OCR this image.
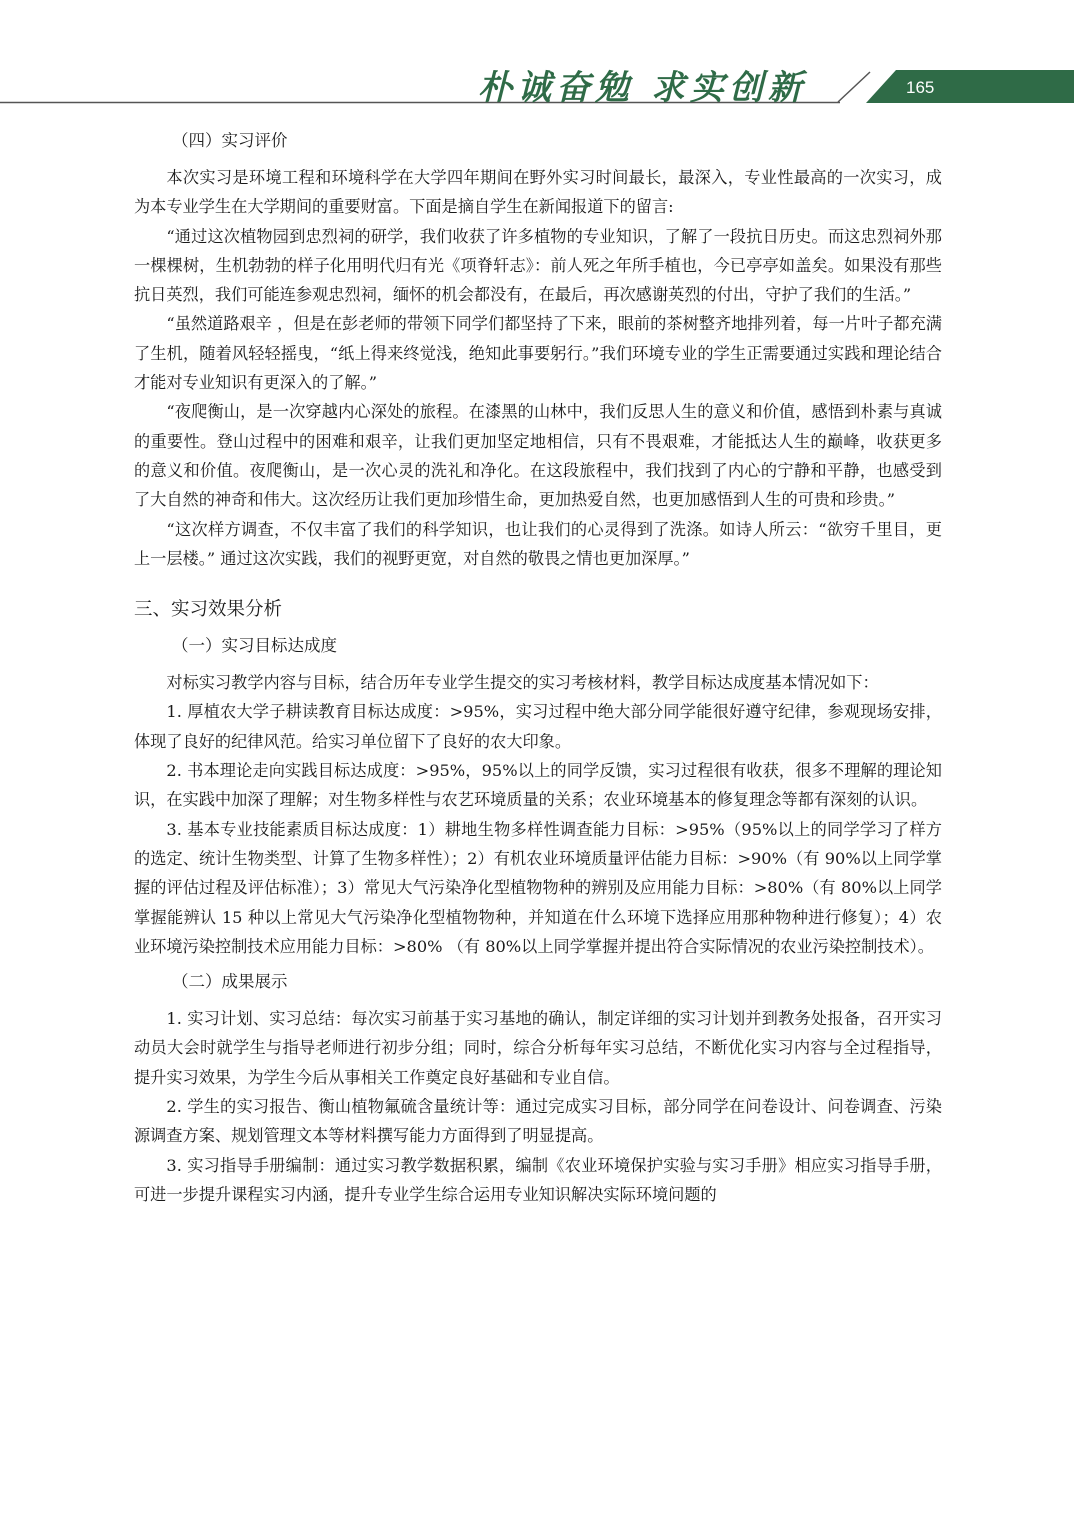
朴诚奋勉 求实创新	165
（四）实习评价

本次实习是环境工程和环境科学在大学四年期间在野外实习时间最长，最深入，专业性最高的一次实习，成为本专业学生在大学期间的重要财富。下面是摘自学生在新闻报道下的留言:

“通过这次植物园到忠烈祠的研学，我们收获了许多植物的专业知识，了解了一段抗日历史。而这忠烈祠外那一棵棵树，生机勃勃的样子化用明代归有光《项脊轩志》：前人死之年所手植也，今已亭亭如盖矣。如果没有那些抗日英烈，我们可能连参观忠烈祠，缅怀的机会都没有，在最后，再次感谢英烈的付出，守护了我们的生活。”

“虽然道路艰辛 ，但是在彭老师的带领下同学们都坚持了下来，眼前的茶树整齐地排列着，每一片叶子都充满了生机，随着风轻轻摇曳，“纸上得来终觉浅，绝知此事要躬行。”我们环境专业的学生正需要通过实践和理论结合才能对专业知识有更深入的了解。”

“夜爬衡山，是一次穿越内心深处的旅程。在漆黑的山林中，我们反思人生的意义和价值，感悟到朴素与真诚的重要性。登山过程中的困难和艰辛，让我们更加坚定地相信，只有不畏艰难，才能抵达人生的巅峰，收获更多的意义和价值。夜爬衡山，是一次心灵的洗礼和净化。在这段旅程中，我们找到了内心的宁静和平静，也感受到了大自然的神奇和伟大。这次经历让我们更加珍惜生命，更加热爱自然，也更加感悟到人生的可贵和珍贵。”

“这次样方调查，不仅丰富了我们的科学知识，也让我们的心灵得到了洗涤。如诗人所云：“欲穷千里目，更上一层楼。” 通过这次实践，我们的视野更宽，对自然的敬畏之情也更加深厚。”

三、实习效果分析
（一）实习目标达成度

对标实习教学内容与目标，结合历年专业学生提交的实习考核材料，教学目标达成度基本情况如下：

1. 厚植农大学子耕读教育目标达成度：>95%，实习过程中绝大部分同学能很好遵守纪律，参观现场安排，体现了良好的纪律风范。给实习单位留下了良好的农大印象。

2. 书本理论走向实践目标达成度：>95%，95%以上的同学反馈，实习过程很有收获，很多不理解的理论知识，在实践中加深了理解；对生物多样性与农艺环境质量的关系；农业环境基本的修复理念等都有深刻的认识。

3. 基本专业技能素质目标达成度：1）耕地生物多样性调查能力目标：>95%（95%以上的同学学习了样方的选定、统计生物类型、计算了生物多样性）；2）有机农业环境质量评估能力目标：>90%（有 90%以上同学掌握的评估过程及评估标准）；3）常见大气污染净化型植物物种的辨别及应用能力目标：>80%（有 80%以上同学掌握能辨认 15 种以上常见大气污染净化型植物物种，并知道在什么环境下选择应用那种物种进行修复）；4）农业环境污染控制技术应用能力目标：>80% （有 80%以上同学掌握并提出符合实际情况的农业污染控制技术）。

（二）成果展示

1. 实习计划、实习总结：每次实习前基于实习基地的确认，制定详细的实习计划并到教务处报备，召开实习动员大会时就学生与指导老师进行初步分组；同时，综合分析每年实习总结，不断优化实习内容与全过程指导，提升实习效果，为学生今后从事相关工作奠定良好基础和专业自信。

2. 学生的实习报告、衡山植物氟硫含量统计等：通过完成实习目标，部分同学在问卷设计、问卷调查、污染源调查方案、规划管理文本等材料撰写能力方面得到了明显提高。

3. 实习指导手册编制：通过实习教学数据积累，编制《农业环境保护实验与实习手册》相应实习指导手册，可进一步提升课程实习内涵，提升专业学生综合运用专业知识解决实际环境问题的
